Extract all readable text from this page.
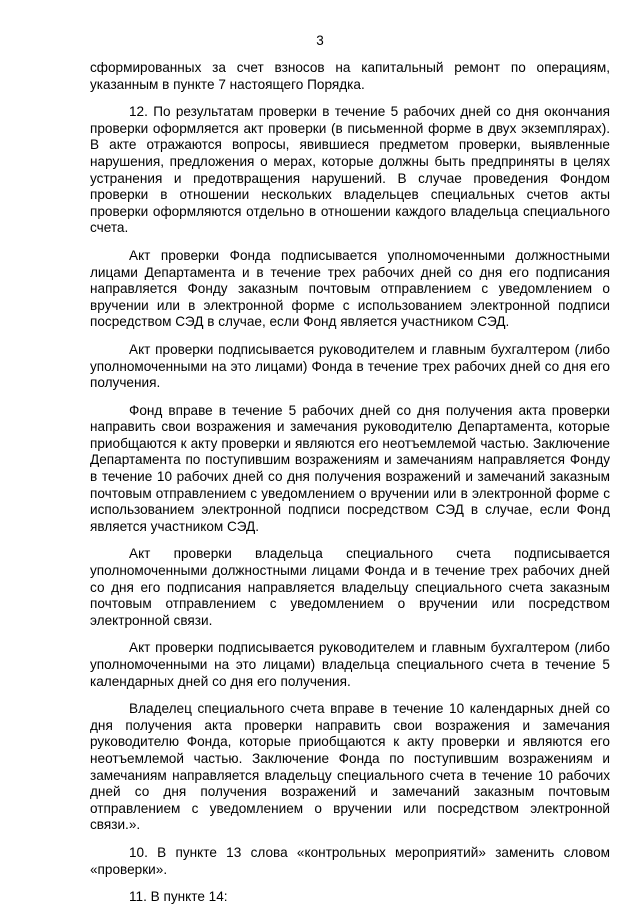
3

сформированных за счет взносов на капитальный ремонт по операциям, указанным в пункте 7 настоящего Порядка.

12. По результатам проверки в течение 5 рабочих дней со дня окончания проверки оформляется акт проверки (в письменной форме в двух экземплярах). В акте отражаются вопросы, явившиеся предметом проверки, выявленные нарушения, предложения о мерах, которые должны быть предприняты в целях устранения и предотвращения нарушений. В случае проведения Фондом проверки в отношении нескольких владельцев специальных счетов акты проверки оформляются отдельно в отношении каждого владельца специального счета.

Акт проверки Фонда подписывается уполномоченными должностными лицами Департамента и в течение трех рабочих дней со дня его подписания направляется Фонду заказным почтовым отправлением с уведомлением о вручении или в электронной форме с использованием электронной подписи посредством СЭД в случае, если Фонд является участником СЭД.

Акт проверки подписывается руководителем и главным бухгалтером (либо уполномоченными на это лицами) Фонда в течение трех рабочих дней со дня его получения.

Фонд вправе в течение 5 рабочих дней со дня получения акта проверки направить свои возражения и замечания руководителю Департамента, которые приобщаются к акту проверки и являются его неотъемлемой частью. Заключение Департамента по поступившим возражениям и замечаниям направляется Фонду в течение 10 рабочих дней со дня получения возражений и замечаний заказным почтовым отправлением с уведомлением о вручении или в электронной форме с использованием электронной подписи посредством СЭД в случае, если Фонд является участником СЭД.

Акт проверки владельца специального счета подписывается уполномоченными должностными лицами Фонда и в течение трех рабочих дней со дня его подписания направляется владельцу специального счета заказным почтовым отправлением с уведомлением о вручении или посредством электронной связи.

Акт проверки подписывается руководителем и главным бухгалтером (либо уполномоченными на это лицами) владельца специального счета в течение 5 календарных дней со дня его получения.

Владелец специального счета вправе в течение 10 календарных дней со дня получения акта проверки направить свои возражения и замечания руководителю Фонда, которые приобщаются к акту проверки и являются его неотъемлемой частью. Заключение Фонда по поступившим возражениям и замечаниям направляется владельцу специального счета в течение 10 рабочих дней со дня получения возражений и замечаний заказным почтовым отправлением с уведомлением о вручении или посредством электронной связи.».

10. В пункте 13 слова «контрольных мероприятий» заменить словом «проверки».

11. В пункте 14:
